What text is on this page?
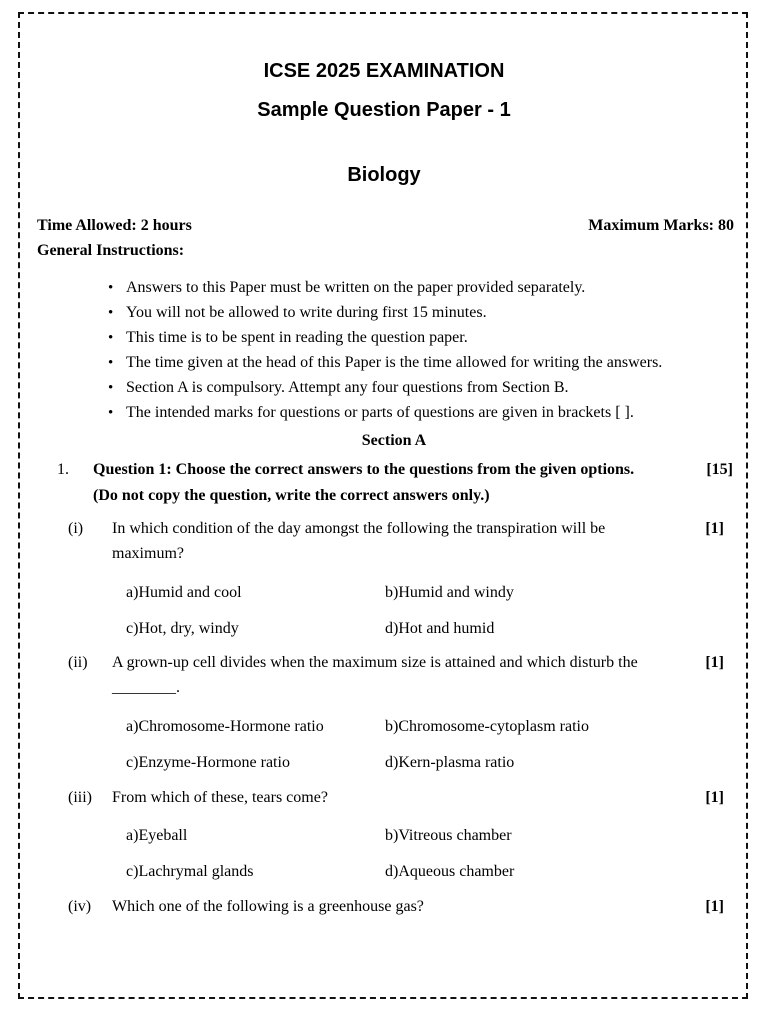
ICSE 2025 EXAMINATION
Sample Question Paper - 1
Biology
Time Allowed: 2 hours	Maximum Marks: 80
General Instructions:
• Answers to this Paper must be written on the paper provided separately.
• You will not be allowed to write during first 15 minutes.
• This time is to be spent in reading the question paper.
• The time given at the head of this Paper is the time allowed for writing the answers.
• Section A is compulsory. Attempt any four questions from Section B.
• The intended marks for questions or parts of questions are given in brackets [ ].
Section A
1. Question 1: Choose the correct answers to the questions from the given options.
(Do not copy the question, write the correct answers only.)
[15]
(i) In which condition of the day amongst the following the transpiration will be
maximum?
[1]
a)Humid and cool	b)Humid and windy
c)Hot, dry, windy	d)Hot and humid
(ii) A grown-up cell divides when the maximum size is attained and which disturb the
________.
[1]
a)Chromosome-Hormone ratio	b)Chromosome-cytoplasm ratio
c)Enzyme-Hormone ratio	d)Kern-plasma ratio
(iii) From which of these, tears come?	[1]
a)Eyeball	b)Vitreous chamber
c)Lachrymal glands	d)Aqueous chamber
(iv) Which one of the following is a greenhouse gas?	[1]
